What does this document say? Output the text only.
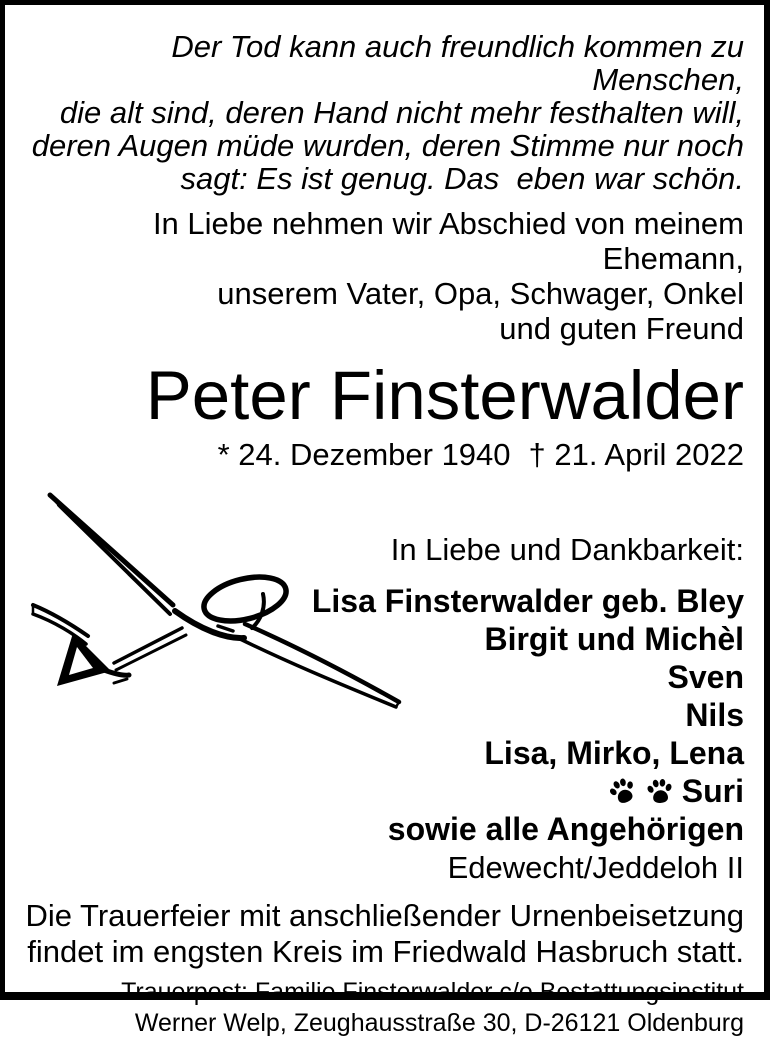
Der Tod kann auch freundlich kommen zu Menschen,
die alt sind, deren Hand nicht mehr festhalten will,
deren Augen müde wurden, deren Stimme nur noch
sagt: Es ist genug. Das  eben war schön.
In Liebe nehmen wir Abschied von meinem Ehemann,
unserem Vater, Opa, Schwager, Onkel
und guten Freund
Peter Finsterwalder
* 24. Dezember 1940 † 21. April 2022
In Liebe und Dankbarkeit:
Lisa Finsterwalder geb. Bley
Birgit und Michèl
Sven
Nils
Lisa, Mirko, Lena

Suri
sowie alle Angehörigen
Edewecht/Jeddeloh II
Die Trauerfeier mit anschließender Urnenbeisetzung
findet im engsten Kreis im Friedwald Hasbruch statt.
Trauerpost: Familie Finsterwalder c/o Bestattungsinstitut
Werner Welp, Zeughausstraße 30, D-26121 Oldenburg
